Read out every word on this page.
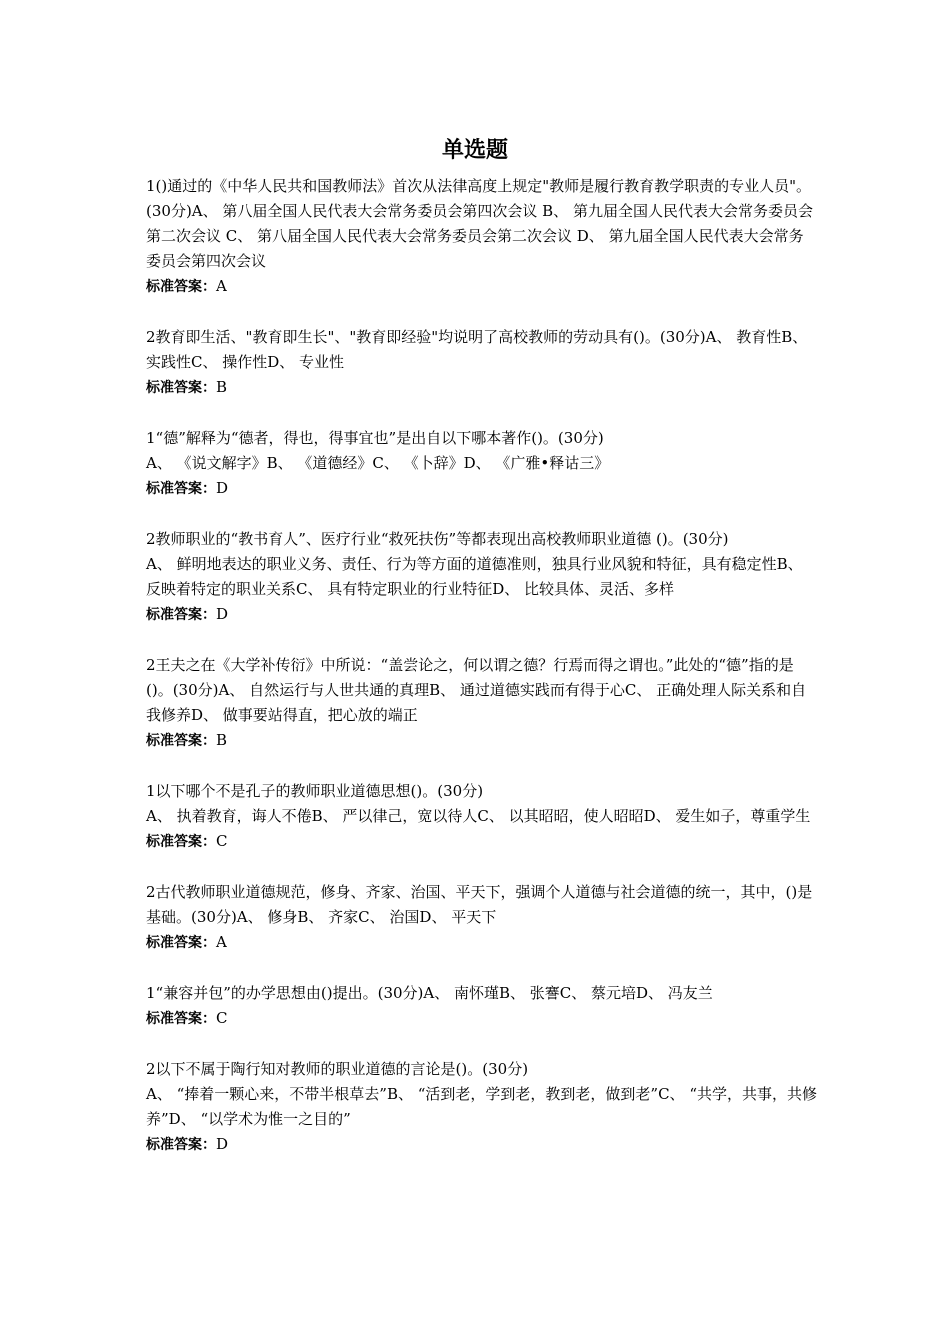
单选题

1()通过的《中华人民共和国教师法》首次从法律高度上规定"教师是履行教育教学职责的专业人员"。(30分)A、 第八届全国人民代表大会常务委员会第四次会议 B、 第九届全国人民代表大会常务委员会第二次会议 C、 第八届全国人民代表大会常务委员会第二次会议 D、 第九届全国人民代表大会常务委员会第四次会议

标准答案：A

2教育即生活、"教育即生长"、"教育即经验"均说明了高校教师的劳动具有()。(30分)A、 教育性B、 实践性C、 操作性D、 专业性

标准答案：B

1“德”解释为“德者，得也，得事宜也”是出自以下哪本著作()。(30分)
A、 《说文解字》B、 《道德经》C、 《卜辞》D、 《广雅•释诂三》

标准答案：D

2教师职业的“教书育人”、医疗行业“救死扶伤”等都表现出高校教师职业道德 ()。(30分)
A、 鲜明地表达的职业义务、责任、行为等方面的道德准则，独具行业风貌和特征，具有稳定性B、 反映着特定的职业关系C、 具有特定职业的行业特征D、 比较具体、灵活、多样

标准答案：D

2王夫之在《大学补传衍》中所说：“盖尝论之，何以谓之德？行焉而得之谓也。”此处的“德”指的是()。(30分)A、 自然运行与人世共通的真理B、 通过道德实践而有得于心C、 正确处理人际关系和自我修养D、 做事要站得直，把心放的端正

标准答案：B

1以下哪个不是孔子的教师职业道德思想()。(30分)
A、 执着教育，诲人不倦B、 严以律己，宽以待人C、 以其昭昭，使人昭昭D、 爱生如子，尊重学生

标准答案：C

2古代教师职业道德规范，修身、齐家、治国、平天下，强调个人道德与社会道德的统一，其中，()是基础。(30分)A、 修身B、 齐家C、 治国D、 平天下

标准答案：A

1“兼容并包”的办学思想由()提出。(30分)A、 南怀瑾B、 张謇C、 蔡元培D、 冯友兰

标准答案：C

2以下不属于陶行知对教师的职业道德的言论是()。(30分)
A、 “捧着一颗心来，不带半根草去”B、 “活到老，学到老，教到老，做到老”C、 “共学，共事，共修养”D、 “以学术为惟一之目的”

标准答案：D
